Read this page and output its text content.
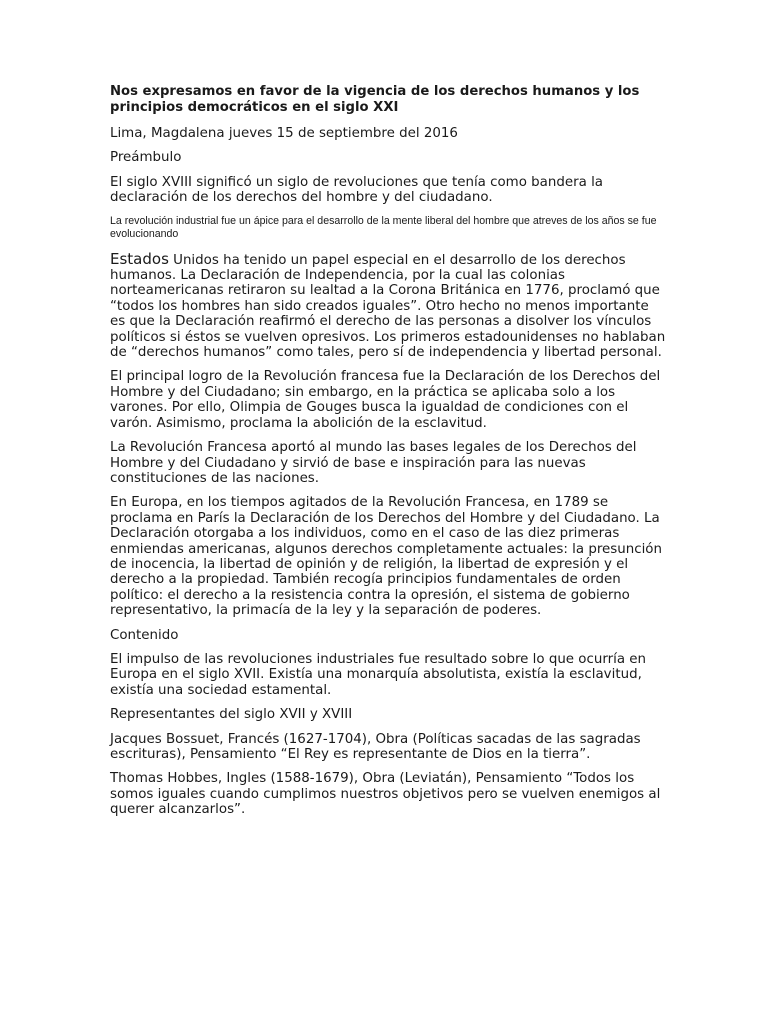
Nos expresamos en favor de la vigencia de los derechos humanos y los principios democráticos en el siglo XXI
Lima, Magdalena jueves 15 de septiembre del 2016
Preámbulo
El siglo XVIII significó un siglo de revoluciones que tenía como bandera la declaración de los derechos del hombre y del ciudadano.
La revolución industrial fue un ápice para el desarrollo de la mente liberal del hombre que atreves de los años se fue evolucionando
Estados Unidos ha tenido un papel especial en el desarrollo de los derechos humanos. La Declaración de Independencia, por la cual las colonias norteamericanas retiraron su lealtad a la Corona Británica en 1776, proclamó que “todos los hombres han sido creados iguales”. Otro hecho no menos importante es que la Declaración reafirmó el derecho de las personas a disolver los vínculos políticos si éstos se vuelven opresivos. Los primeros estadounidenses no hablaban de “derechos humanos” como tales, pero sí de independencia y libertad personal.
El principal logro de la Revolución francesa fue la Declaración de los Derechos del Hombre y del Ciudadano; sin embargo, en la práctica se aplicaba solo a los varones. Por ello, Olimpia de Gouges busca la igualdad de condiciones con el varón. Asimismo, proclama la abolición de la esclavitud.
La Revolución Francesa aportó al mundo las bases legales de los Derechos del Hombre y del Ciudadano y sirvió de base e inspiración para las nuevas constituciones de las naciones.
En Europa, en los tiempos agitados de la Revolución Francesa, en 1789 se proclama en París la Declaración de los Derechos del Hombre y del Ciudadano. La Declaración otorgaba a los individuos, como en el caso de las diez primeras enmiendas americanas, algunos derechos completamente actuales: la presunción de inocencia, la libertad de opinión y de religión, la libertad de expresión y el derecho a la propiedad. También recogía principios fundamentales de orden político: el derecho a la resistencia contra la opresión, el sistema de gobierno representativo, la primacía de la ley y la separación de poderes.
Contenido
El impulso de las revoluciones industriales fue resultado sobre lo que ocurría en Europa en el siglo XVII. Existía una monarquía absolutista, existía la esclavitud, existía una sociedad estamental.
Representantes del siglo XVII y XVIII
Jacques Bossuet, Francés (1627-1704), Obra (Políticas sacadas de las sagradas escrituras), Pensamiento “El Rey es representante de Dios en la tierra”.
Thomas Hobbes, Ingles (1588-1679), Obra (Leviatán), Pensamiento “Todos los somos iguales cuando cumplimos nuestros objetivos pero se vuelven enemigos al querer alcanzarlos”.
